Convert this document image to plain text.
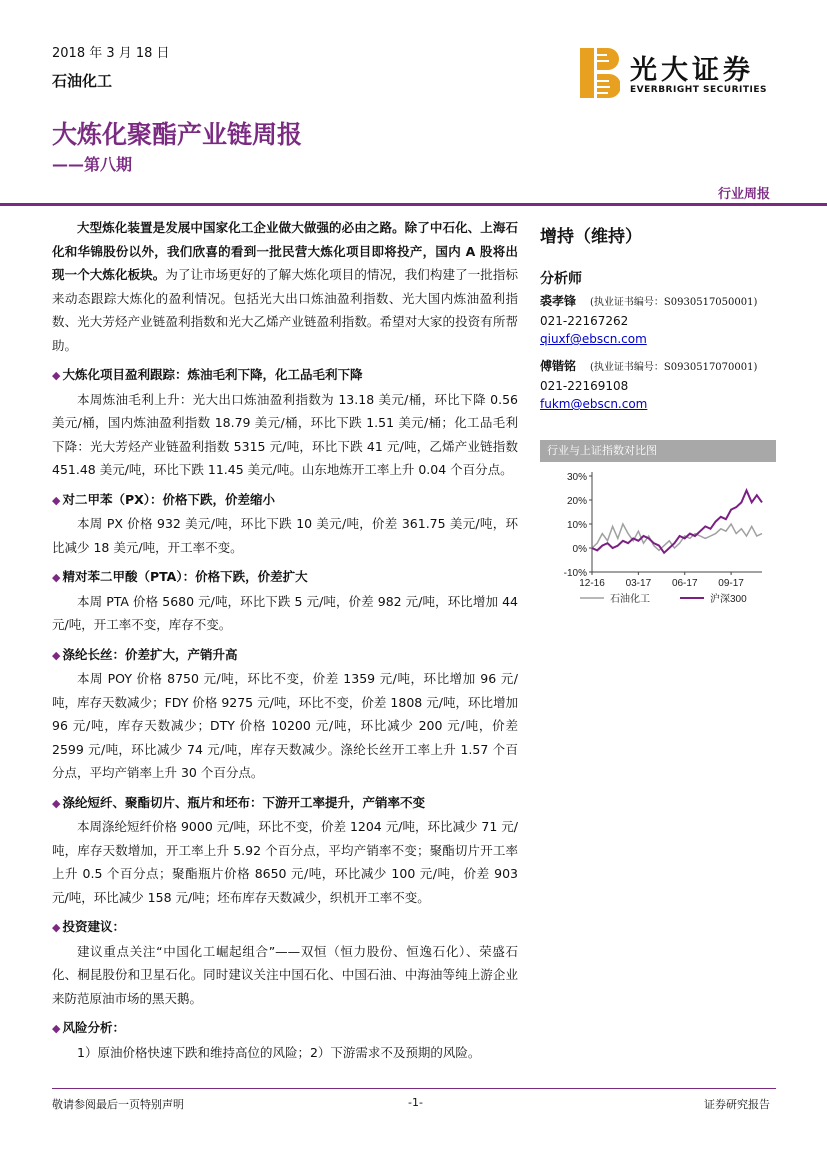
2018 年 3 月 18 日
石油化工
大炼化聚酯产业链周报
——第八期
光大证券
EVERBRIGHT SECURITIES
行业周报

大型炼化装置是发展中国家化工企业做大做强的必由之路。除了中石化、上海石化和华锦股份以外，我们欣喜的看到一批民营大炼化项目即将投产，国内 A 股将出现一个大炼化板块。为了让市场更好的了解大炼化项目的情况，我们构建了一批指标来动态跟踪大炼化的盈利情况。包括光大出口炼油盈利指数、光大国内炼油盈利指数、光大芳烃产业链盈利指数和光大乙烯产业链盈利指数。希望对大家的投资有所帮助。

◆ 大炼化项目盈利跟踪：炼油毛利下降，化工品毛利下降

本周炼油毛利上升：光大出口炼油盈利指数为 13.18 美元/桶，环比下降 0.56 美元/桶，国内炼油盈利指数 18.79 美元/桶，环比下跌 1.51 美元/桶；化工品毛利下降：光大芳烃产业链盈利指数 5315 元/吨，环比下跌 41 元/吨，乙烯产业链指数 451.48 美元/吨，环比下跌 11.45 美元/吨。山东地炼开工率上升 0.04 个百分点。

◆ 对二甲苯（PX）：价格下跌，价差缩小

本周 PX 价格 932 美元/吨，环比下跌 10 美元/吨，价差 361.75 美元/吨，环比减少 18 美元/吨，开工率不变。

◆ 精对苯二甲酸（PTA）：价格下跌，价差扩大

本周 PTA 价格 5680 元/吨，环比下跌 5 元/吨，价差 982 元/吨，环比增加 44 元/吨，开工率不变，库存不变。

◆ 涤纶长丝：价差扩大，产销升高

本周 POY 价格 8750 元/吨，环比不变，价差 1359 元/吨，环比增加 96 元/吨，库存天数减少；FDY 价格 9275 元/吨，环比不变，价差 1808 元/吨，环比增加 96 元/吨，库存天数减少；DTY 价格 10200 元/吨，环比减少 200 元/吨，价差 2599 元/吨，环比减少 74 元/吨，库存天数减少。涤纶长丝开工率上升 1.57 个百分点，平均产销率上升 30 个百分点。

◆ 涤纶短纤、聚酯切片、瓶片和坯布：下游开工率提升，产销率不变

本周涤纶短纤价格 9000 元/吨，环比不变，价差 1204 元/吨，环比减少 71 元/吨，库存天数增加，开工率上升 5.92 个百分点，平均产销率不变；聚酯切片开工率上升 0.5 个百分点；聚酯瓶片价格 8650 元/吨，环比减少 100 元/吨，价差 903 元/吨，环比减少 158 元/吨；坯布库存天数减少，织机开工率不变。

◆ 投资建议：

建议重点关注“中国化工崛起组合”——双恒（恒力股份、恒逸石化）、荣盛石化、桐昆股份和卫星石化。同时建议关注中国石化、中国石油、中海油等纯上游企业来防范原油市场的黑天鹅。

◆ 风险分析：

1）原油价格快速下跌和维持高位的风险；2）下游需求不及预期的风险。

增持（维持）
分析师
裘孝锋 (执业证书编号：S0930517050001)
021-22167262
qiuxf@ebscn.com
傅锴铭 (执业证书编号：S0930517070001)
021-22169108
fukm@ebscn.com
行业与上证指数对比图
30%
20%
10%
0%
-10%
12-16 03-17 06-17 09-17
石油化工	沪深300
敬请参阅最后一页特别声明	-1-	证券研究报告
